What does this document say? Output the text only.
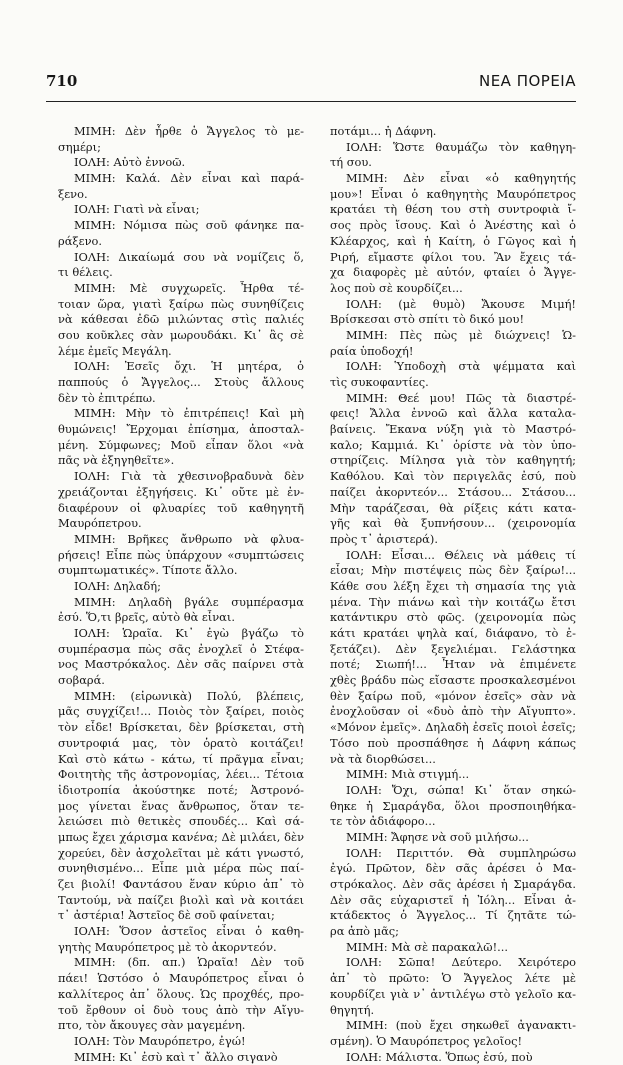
710	ΝΕΑ ΠΟΡΕΙΑ
ΜΙΜΗ: Δὲν ἦρθε ὁ Ἄγγελος τὸ με-
σημέρι;
ΙΟΛΗ: Αὐτὸ ἐννοῶ.
ΜΙΜΗ: Καλά. Δὲν εἶναι καὶ παρά-
ξενο.
ΙΟΛΗ: Γιατὶ νὰ εἶναι;
ΜΙΜΗ: Νόμισα πὼς σοῦ φάνηκε πα-
ράξενο.
ΙΟΛΗ: Δικαίωμά σου νὰ νομίζεις ὅ,
τι θέλεις.
ΜΙΜΗ: Μὲ συγχωρεῖς. Ἦρθα τέ-
τοιαν ὥρα, γιατὶ ξαίρω πὼς συνηθίζεις
νὰ κάθεσαι ἐδῶ μιλώντας στὶς παλιές
σου κοῦκλες σὰν μωρουδάκι. Κι᾿ ἂς σὲ
λέμε ἐμεῖς Μεγάλη.
ΙΟΛΗ: Ἐσεῖς ὄχι. Ἡ μητέρα, ὁ
παππούς ὁ Ἄγγελος... Στοὺς ἄλλους
δὲν τὸ ἐπιτρέπω.
ΜΙΜΗ: Μὴν τὸ ἐπιτρέπεις! Καὶ μὴ
θυμώνεις! Ἔρχομαι ἐπίσημα, ἀποσταλ-
μένη. Σύμφωνες; Μοῦ εἶπαν ὅλοι «νὰ
πᾶς νὰ ἐξηγηθεῖτε».
ΙΟΛΗ: Γιὰ τὰ χθεσινοβραδυνὰ δὲν
χρειάζονται ἐξηγήσεις. Κι᾿ οὔτε μὲ ἐν-
διαφέρουν οἱ φλυαρίες τοῦ καθηγητῆ
Μαυρόπετρου.
ΜΙΜΗ: Βρῆκες ἄνθρωπο νὰ φλυα-
ρήσεις! Εἶπε πὼς ὑπάρχουν «συμπτώσεις
συμπτωματικές». Τίποτε ἄλλο.
ΙΟΛΗ: Δηλαδή;
ΜΙΜΗ: Δηλαδὴ βγάλε συμπέρασμα
ἐσύ. Ὅ,τι βρεῖς, αὐτὸ θὰ εἶναι.
ΙΟΛΗ: Ὡραῖα. Κι᾿ ἐγὼ βγάζω τὸ
συμπέρασμα πὼς σᾶς ἐνοχλεῖ ὁ Στέφα-
νος Μαστρόκαλος. Δὲν σᾶς παίρνει στὰ
σοβαρά.
ΜΙΜΗ: (εἰρωνικὰ) Πολύ, βλέπεις,
μᾶς συγχίζει!... Ποιὸς τὸν ξαίρει, ποιὸς
τὸν εἶδε! Βρίσκεται, δὲν βρίσκεται, στὴ
συντροφιά μας, τὸν ὁρατὸ κοιτάζει!
Καὶ στὸ κάτω - κάτω, τί πρᾶγμα εἶναι;
Φοιτητὴς τῆς ἀστρονομίας, λέει... Τέτοια
ἰδιοτροπία ἀκούστηκε ποτέ; Ἀστρονό-
μος γίνεται ἕνας ἄνθρωπος, ὅταν τε-
λειώσει πιὸ θετικὲς σπουδές... Καὶ σά-
μπως ἔχει χάρισμα κανένα; Δὲ μιλάει, δὲν
χορεύει, δὲν ἀσχολεῖται μὲ κάτι γνωστό,
συνηθισμένο... Εἶπε μιὰ μέρα πὼς παί-
ζει βιολί! Φαντάσου ἕναν κύριο ἀπ᾿ τὸ
Ταντούμ, νὰ παίζει βιολὶ καὶ νὰ κοιτάει
τ᾿ ἀστέρια! Ἀστεῖος δὲ σοῦ φαίνεται;
ΙΟΛΗ: Ὅσον ἀστεῖος εἶναι ὁ καθη-
γητὴς Μαυρόπετρος μὲ τὸ ἀκορντεόν.
ΜΙΜΗ: (δπ. απ.) Ὡραῖα! Δὲν τοῦ
πάει! Ὡστόσο ὁ Μαυρόπετρος εἶναι ὁ
καλλίτερος ἀπ᾿ ὅλους. Ὡς προχθές, προ-
τοῦ ἔρθουν οἱ δυὸ τους ἀπὸ τὴν Αἴγυ-
πτο, τὸν ἄκουγες σὰν μαγεμένη.
ΙΟΛΗ: Τὸν Μαυρόπετρο, ἐγώ!
ΜΙΜΗ: Κι᾿ ἐσὺ καὶ τ᾿ ἄλλο σιγανὸ
ποτάμι... ἡ Δάφνη.
ΙΟΛΗ: Ὥστε θαυμάζω τὸν καθηγη-
τή σου.
ΜΙΜΗ: Δὲν εἶναι «ὁ καθηγητής
μου»! Εἶναι ὁ καθηγητὴς Μαυρόπετρος
κρατάει τὴ θέση του στὴ συντροφιὰ ἴ-
σος πρὸς ἴσους. Καὶ ὁ Ἀνέστης καὶ ὁ
Κλέαρχος, καὶ ἡ Καίτη, ὁ Γῶγος καὶ ἡ
Ριρή, εἴμαστε φίλοι του. Ἂν ἔχεις τά-
χα διαφορὲς μὲ αὐτόν, φταίει ὁ Ἄγγε-
λος ποὺ σὲ κουρδίζει...
ΙΟΛΗ: (μὲ θυμὸ) Ἄκουσε Μιμή!
Βρίσκεσαι στὸ σπίτι τὸ δικό μου!
ΜΙΜΗ: Πὲς πὼς μὲ διώχνεις! Ὡ-
ραία ὑποδοχή!
ΙΟΛΗ: Ὑποδοχὴ στὰ ψέμματα καὶ
τὶς συκοφαντίες.
ΜΙΜΗ: Θεέ μου! Πῶς τὰ διαστρέ-
φεις! Ἄλλα ἐννοῶ καὶ ἄλλα καταλα-
βαίνεις. Ἔκανα νύξη γιὰ τὸ Μαστρό-
καλο; Καμμιά. Κι᾿ ὁρίστε νὰ τὸν ὑπο-
στηρίζεις. Μίλησα γιὰ τὸν καθηγητή;
Καθόλου. Καὶ τὸν περιγελᾶς ἐσύ, ποὺ
παίζει ἀκορντεόν... Στάσου... Στάσου...
Μὴν ταράζεσαι, θὰ ρίξεις κάτι κατα-
γῆς καὶ θὰ ξυπνήσουν... (χειρονομία
πρὸς τ᾿ ἀριστερά).
ΙΟΛΗ: Εἶσαι... Θέλεις νὰ μάθεις τί
εἶσαι; Μὴν πιστέψεις πὼς δὲν ξαίρω!...
Κάθε σου λέξη ἔχει τὴ σημασία της γιὰ
μένα. Τὴν πιάνω καὶ τὴν κοιτάζω ἔτσι
κατάντικρυ στὸ φῶς. (χειρονομία πὼς
κάτι κρατάει ψηλὰ καί, διάφανο, τὸ ἐ-
ξετάζει). Δὲν ξεγελιέμαι. Γελάστηκα
ποτέ; Σιωπή!... Ἦταν νὰ ἐπιμένετε
χθὲς βράδυ πὼς εἴσαστε προσκαλεσμένοι
θὲν ξαίρω ποῦ, «μόνον ἐσεῖς» σὰν νὰ
ἐνοχλοῦσαν οἱ «δυὸ ἀπὸ τὴν Αἴγυπτο».
«Μόνον ἐμεῖς». Δηλαδὴ ἐσεῖς ποιοὶ ἐσεῖς;
Τόσο ποὺ προσπάθησε ἡ Δάφνη κάπως
νὰ τὰ διορθώσει...
ΜΙΜΗ: Μιὰ στιγμή...
ΙΟΛΗ: Ὄχι, σώπα! Κι᾿ ὅταν σηκώ-
θηκε ἡ Σμαράγδα, ὅλοι προσποιηθήκα-
τε τὸν ἀδιάφορο...
ΜΙΜΗ: Ἄφησε νὰ σοῦ μιλήσω...
ΙΟΛΗ: Περιττόν. Θὰ συμπληρώσω
ἐγώ. Πρῶτον, δὲν σᾶς ἀρέσει ὁ Μα-
στρόκαλος. Δὲν σᾶς ἀρέσει ἡ Σμαράγδα.
Δὲν σᾶς εὐχαριστεῖ ἡ Ἰόλη... Εἶναι ἀ-
κτάδεκτος ὁ Ἄγγελος... Τί ζητᾶτε τώ-
ρα ἀπὸ μᾶς;
ΜΙΜΗ: Μὰ σὲ παρακαλῶ!...
ΙΟΛΗ: Σῶπα! Δεύτερο. Χειρότερο
ἀπ᾿ τὸ πρῶτο: Ὁ Ἄγγελος λέτε μὲ
κουρδίζει γιὰ ν᾿ ἀντιλέγω στὸ γελοῖο κα-
θηγητή.
ΜΙΜΗ: (ποὺ ἔχει σηκωθεῖ ἀγανακτι-
σμένη). Ὁ Μαυρόπετρος γελοῖος!
ΙΟΛΗ: Μάλιστα. Ὅπως ἐσύ, ποὺ
